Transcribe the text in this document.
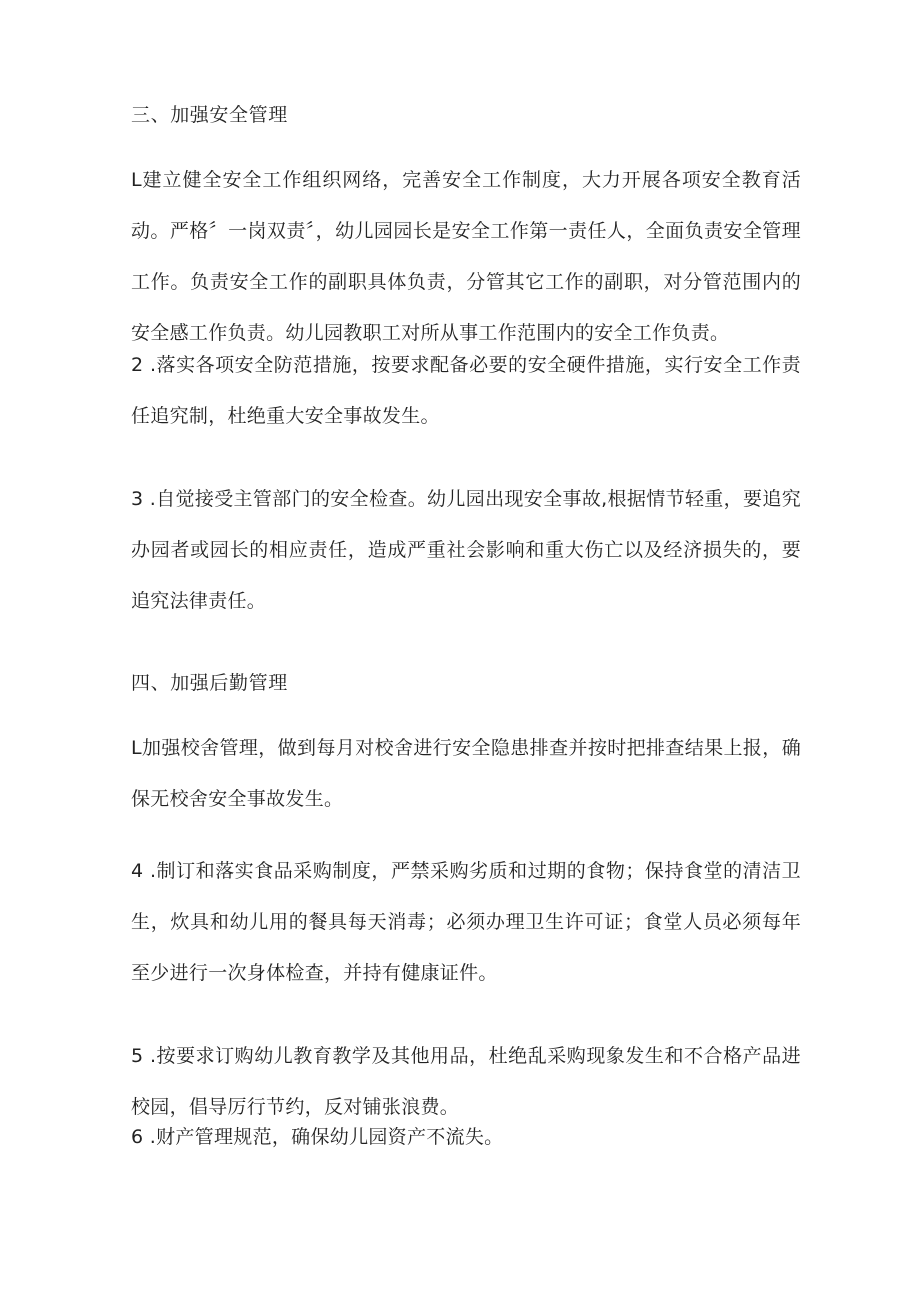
三、加强安全管理

L建立健全安全工作组织网络，完善安全工作制度，大力开展各项安全教育活动。严格〞一岗双责〞，幼儿园园长是安全工作第一责任人，全面负责安全管理工作。负责安全工作的副职具体负责，分管其它工作的副职，对分管范围内的安全感工作负责。幼儿园教职工对所从事工作范围内的安全工作负责。

2 .落实各项安全防范措施，按要求配备必要的安全硬件措施，实行安全工作责任追究制，杜绝重大安全事故发生。

3 .自觉接受主管部门的安全检查。幼儿园出现安全事故,根据情节轻重，要追究办园者或园长的相应责任，造成严重社会影响和重大伤亡以及经济损失的，要追究法律责任。

四、加强后勤管理

L加强校舍管理，做到每月对校舍进行安全隐患排查并按时把排查结果上报，确保无校舍安全事故发生。

4 .制订和落实食品采购制度，严禁采购劣质和过期的食物；保持食堂的清洁卫生，炊具和幼儿用的餐具每天消毒；必须办理卫生许可证；食堂人员必须每年至少进行一次身体检查，并持有健康证件。

5 .按要求订购幼儿教育教学及其他用品，杜绝乱采购现象发生和不合格产品进校园，倡导厉行节约，反对铺张浪费。

6 .财产管理规范，确保幼儿园资产不流失。
